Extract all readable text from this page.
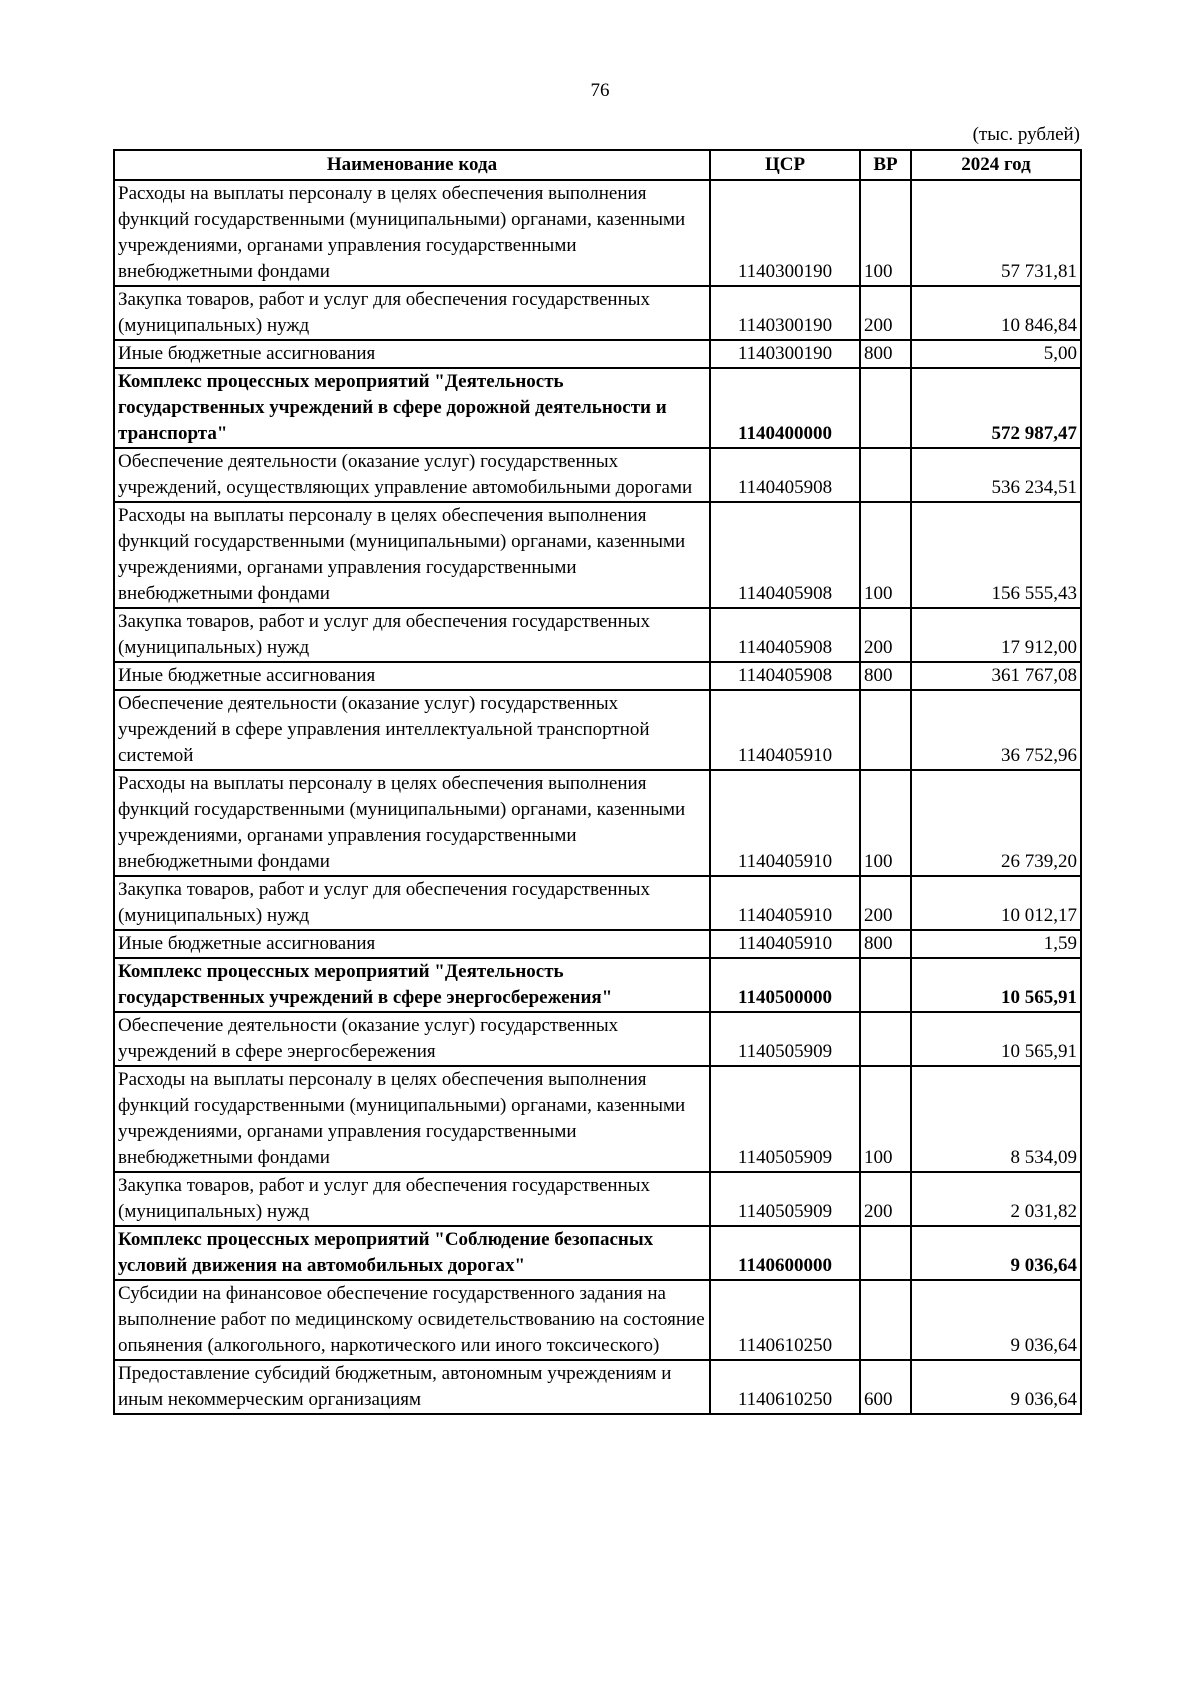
76
(тыс. рублей)
Наименование кода	ЦСР	ВР	2024 год
Расходы на выплаты персоналу в целях обеспечения выполнения функций государственными (муниципальными) органами, казенными учреждениями, органами управления государственными внебюджетными фондами	1140300190	100	57 731,81
Закупка товаров, работ и услуг для обеспечения государственных (муниципальных) нужд	1140300190	200	10 846,84
Иные бюджетные ассигнования	1140300190	800	5,00
Комплекс процессных мероприятий "Деятельность государственных учреждений в сфере дорожной деятельности и транспорта"	1140400000		572 987,47
Обеспечение деятельности (оказание услуг) государственных учреждений, осуществляющих управление автомобильными дорогами	1140405908		536 234,51
Расходы на выплаты персоналу в целях обеспечения выполнения функций государственными (муниципальными) органами, казенными учреждениями, органами управления государственными внебюджетными фондами	1140405908	100	156 555,43
Закупка товаров, работ и услуг для обеспечения государственных (муниципальных) нужд	1140405908	200	17 912,00
Иные бюджетные ассигнования	1140405908	800	361 767,08
Обеспечение деятельности (оказание услуг) государственных учреждений в сфере управления интеллектуальной транспортной системой	1140405910		36 752,96
Расходы на выплаты персоналу в целях обеспечения выполнения функций государственными (муниципальными) органами, казенными учреждениями, органами управления государственными внебюджетными фондами	1140405910	100	26 739,20
Закупка товаров, работ и услуг для обеспечения государственных (муниципальных) нужд	1140405910	200	10 012,17
Иные бюджетные ассигнования	1140405910	800	1,59
Комплекс процессных мероприятий "Деятельность государственных учреждений в сфере энергосбережения"	1140500000		10 565,91
Обеспечение деятельности (оказание услуг) государственных учреждений в сфере энергосбережения	1140505909		10 565,91
Расходы на выплаты персоналу в целях обеспечения выполнения функций государственными (муниципальными) органами, казенными учреждениями, органами управления государственными внебюджетными фондами	1140505909	100	8 534,09
Закупка товаров, работ и услуг для обеспечения государственных (муниципальных) нужд	1140505909	200	2 031,82
Комплекс процессных мероприятий "Соблюдение безопасных условий движения на автомобильных дорогах"	1140600000		9 036,64
Субсидии на финансовое обеспечение государственного задания на выполнение работ по медицинскому освидетельствованию на состояние опьянения (алкогольного, наркотического или иного токсического)	1140610250		9 036,64
Предоставление субсидий бюджетным, автономным учреждениям и иным некоммерческим организациям	1140610250	600	9 036,64
